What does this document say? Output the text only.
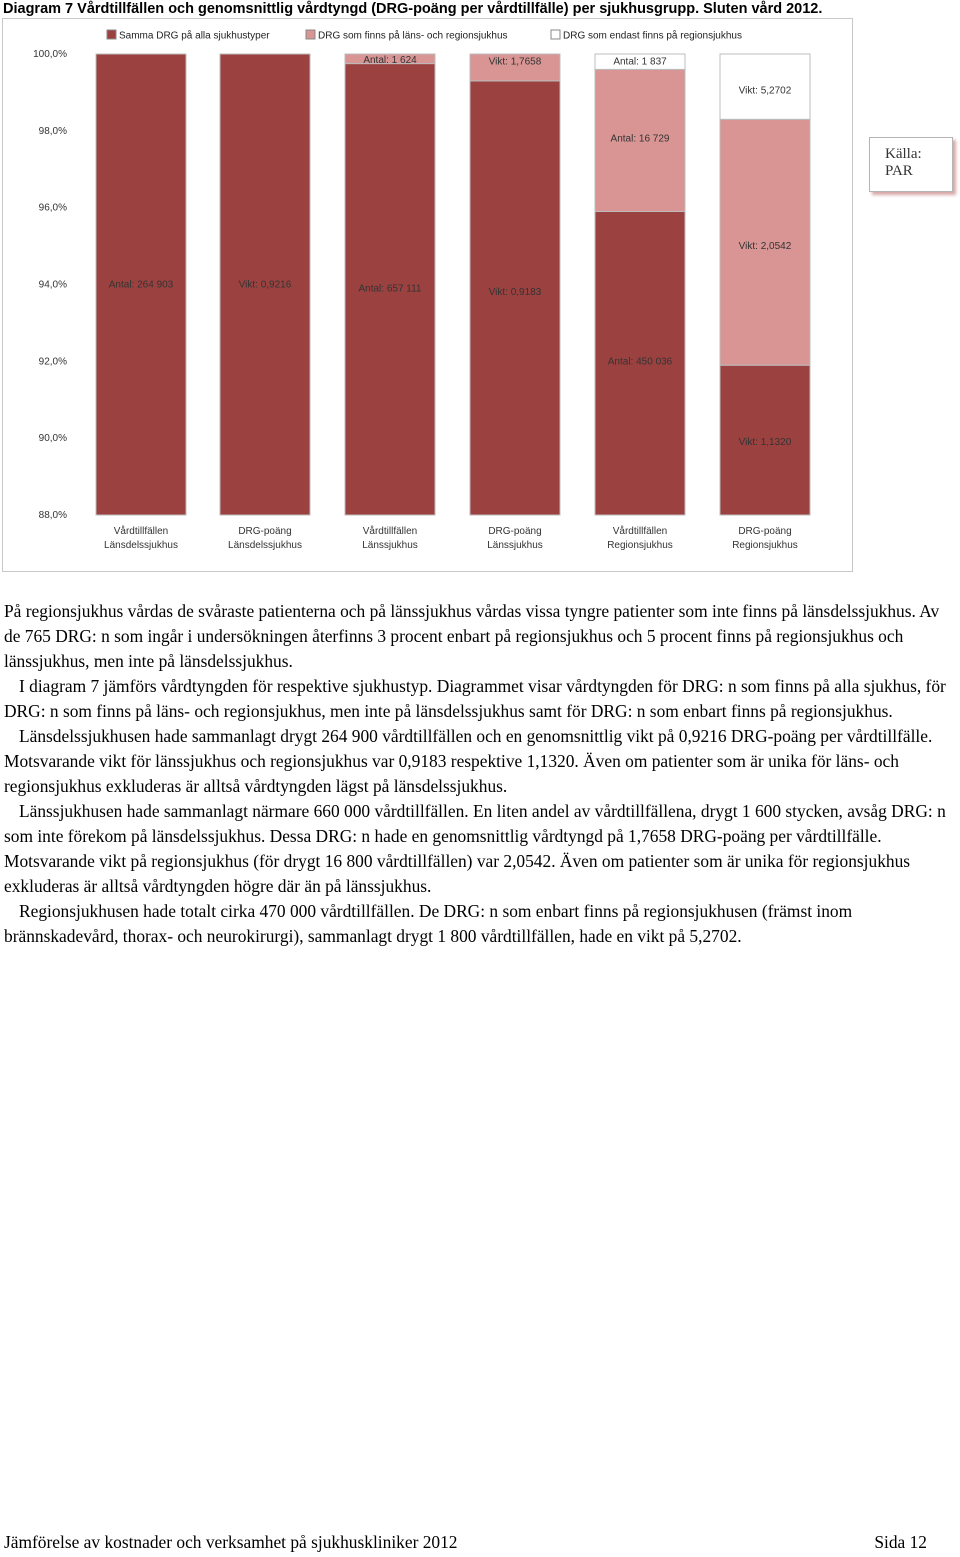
Diagram 7 Vårdtillfällen och genomsnittlig vårdtyngd (DRG-poäng per vårdtillfälle) per sjukhusgrupp. Sluten vård 2012.
88,0%
90,0%
92,0%
94,0%
96,0%
98,0%
100,0%
Vårdtillfällen
Länsdelssjukhus
DRG-poäng
Länsdelssjukhus
Vårdtillfällen
Länssjukhus
DRG-poäng
Länssjukhus
Vårdtillfällen
Regionsjukhus
DRG-poäng
Regionsjukhus
Antal: 264 903	Vikt: 0,9216	Antal: 657 111	Vikt: 0,9183
Antal: 1 624	Vikt: 1,7658
Antal: 450 036
Antal: 16 729
Antal: 1 837
Vikt: 1,1320
Vikt: 2,0542
Vikt: 5,2702
Samma DRG på alla sjukhustyper	DRG som finns på läns- och regionsjukhus	DRG som endast finns på regionsjukhus
Källa:
PAR

På regionsjukhus vårdas de svåraste patienterna och på länssjukhus vårdas vissa tyngre patienter som inte finns på länsdelssjukhus. Av de 765 DRG: n som ingår i undersökningen återfinns 3 procent enbart på regionsjukhus och 5 procent finns på regionsjukhus och länssjukhus, men inte på länsdelssjukhus.

I diagram 7 jämförs vårdtyngden för respektive sjukhustyp. Diagrammet visar vårdtyngden för DRG: n som finns på alla sjukhus, för DRG: n som finns på läns- och regionsjukhus, men inte på länsdelssjukhus samt för DRG: n som enbart finns på regionsjukhus.

Länsdelssjukhusen hade sammanlagt drygt 264 900 vårdtillfällen och en genomsnittlig vikt på 0,9216 DRG-poäng per vårdtillfälle. Motsvarande vikt för länssjukhus och regionsjukhus var 0,9183 respektive 1,1320. Även om patienter som är unika för läns- och regionsjukhus exkluderas är alltså vårdtyngden lägst på länsdelssjukhus.

Länssjukhusen hade sammanlagt närmare 660 000 vårdtillfällen. En liten andel av vårdtillfällena, drygt 1 600 stycken, avsåg DRG: n som inte förekom på länsdelssjukhus. Dessa DRG: n hade en genomsnittlig vårdtyngd på 1,7658 DRG-poäng per vårdtillfälle. Motsvarande vikt på regionsjukhus (för drygt 16 800 vårdtillfällen) var 2,0542. Även om patienter som är unika för regionsjukhus exkluderas är alltså vårdtyngden högre där än på länssjukhus.

Regionsjukhusen hade totalt cirka 470 000 vårdtillfällen. De DRG: n som enbart finns på regionsjukhusen (främst inom brännskadevård, thorax- och neurokirurgi), sammanlagt drygt 1 800 vårdtillfällen, hade en vikt på 5,2702.

Jämförelse av kostnader och verksamhet på sjukhuskliniker 2012	Sida 12
